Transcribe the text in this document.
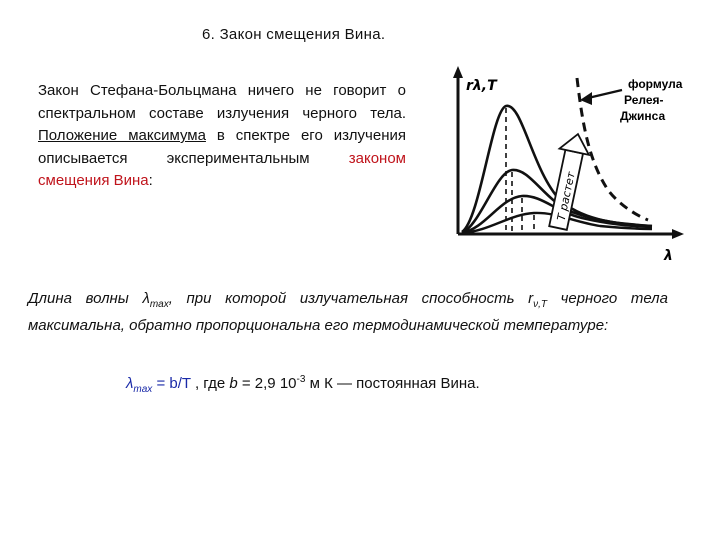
6. Закон смещения Вина.
Закон Стефана-Больцмана ничего не говорит о спектральном составе излучения черного тела. Положение максимума в спектре его излучения описывается экспериментальным законом смещения Вина:
rλ,T
λ
T растет
формула
Релея-
Джинса
Длина волны $\lambda_{max}$, при которой излучательная способность $r_{\nu,T}$ черного тела максимальна, обратно пропорциональна его термодинамической температуре:
$\lambda_{max} = b/T$ , где b = 2,9 $10^{-3}$ м К — постоянная Вина.
